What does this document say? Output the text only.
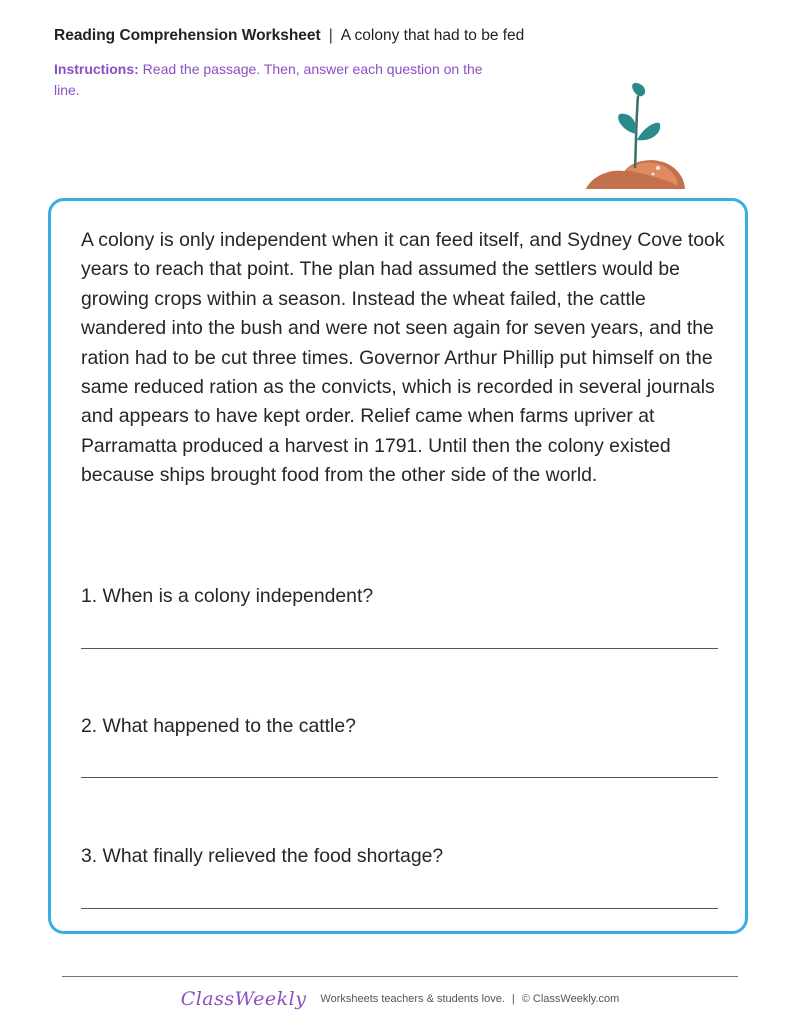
Reading Comprehension Worksheet | A colony that had to be fed
Instructions: Read the passage. Then, answer each question on the line.
A colony is only independent when it can feed itself, and Sydney Cove took years to reach that point. The plan had assumed the settlers would be growing crops within a season. Instead the wheat failed, the cattle wandered into the bush and were not seen again for seven years, and the ration had to be cut three times. Governor Arthur Phillip put himself on the same reduced ration as the convicts, which is recorded in several journals and appears to have kept order. Relief came when farms upriver at Parramatta produced a harvest in 1791. Until then the colony existed because ships brought food from the other side of the world.
1. When is a colony independent?
2. What happened to the cattle?
3. What finally relieved the food shortage?
ClassWeekly Worksheets teachers & students love. | © ClassWeekly.com
